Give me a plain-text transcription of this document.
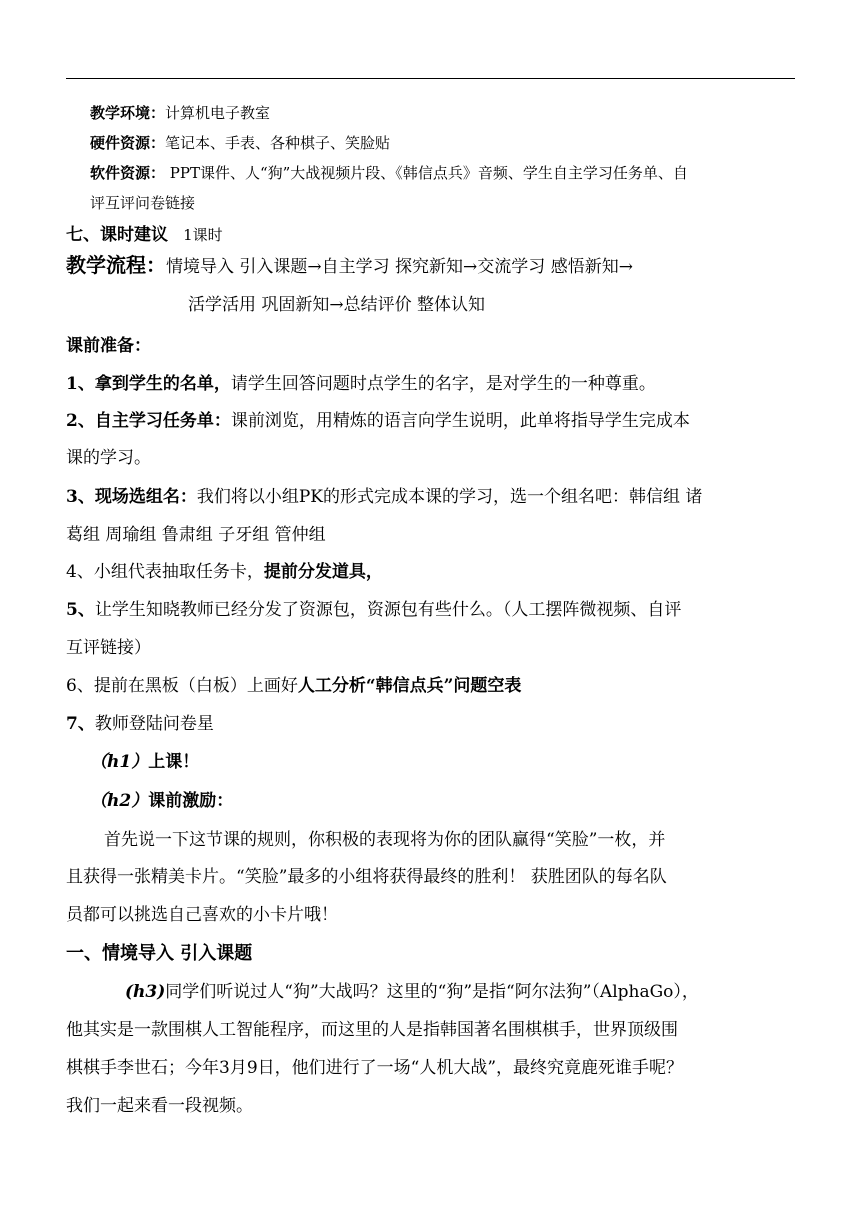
教学环境：计算机电子教室
硬件资源：笔记本、手表、各种棋子、笑脸贴
软件资源： PPT课件、人“狗”大战视频片段、《韩信点兵》音频、学生自主学习任务单、自
评互评问卷链接
七、课时建议 1课时
教学流程：情境导入 引入课题→自主学习 探究新知→交流学习 感悟新知→
活学活用 巩固新知→总结评价 整体认知
课前准备：
1、拿到学生的名单，请学生回答问题时点学生的名字，是对学生的一种尊重。
2、自主学习任务单：课前浏览，用精炼的语言向学生说明，此单将指导学生完成本
课的学习。
3、现场选组名：我们将以小组PK的形式完成本课的学习，选一个组名吧：韩信组 诸
葛组 周瑜组 鲁肃组 子牙组 管仲组
4、小组代表抽取任务卡，提前分发道具，
5、让学生知晓教师已经分发了资源包，资源包有些什么。（人工摆阵微视频、自评
互评链接）
6、提前在黑板（白板）上画好人工分析“韩信点兵”问题空表
7、教师登陆问卷星
（h1）上课！
（h2）课前激励：
首先说一下这节课的规则，你积极的表现将为你的团队赢得“笑脸”一枚，并
且获得一张精美卡片。“笑脸”最多的小组将获得最终的胜利！ 获胜团队的每名队
员都可以挑选自己喜欢的小卡片哦！
一、情境导入 引入课题
(h3)同学们听说过人“狗”大战吗？这里的“狗”是指“阿尔法狗”（AlphaGo），
他其实是一款围棋人工智能程序，而这里的人是指韩国著名围棋棋手，世界顶级围
棋棋手李世石；今年3月9日，他们进行了一场“人机大战”，最终究竟鹿死谁手呢？
我们一起来看一段视频。
